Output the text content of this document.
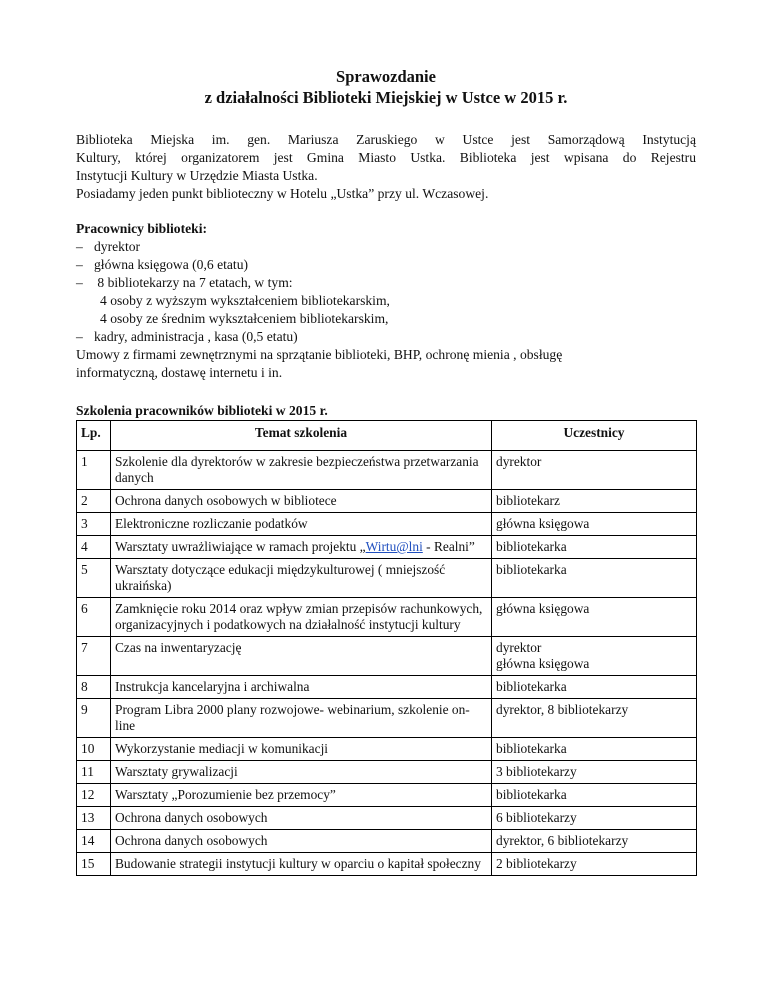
Sprawozdanie

z działalności Biblioteki Miejskiej w Ustce w 2015 r.

Biblioteka Miejska im. gen. Mariusza Zaruskiego w Ustce jest Samorządową Instytucją

Kultury, której organizatorem jest Gmina Miasto Ustka. Biblioteka jest wpisana do Rejestru

Instytucji Kultury w Urzędzie Miasta Ustka.

Posiadamy jeden punkt biblioteczny w Hotelu „Ustka” przy ul. Wczasowej.

Pracownicy biblioteki:

– dyrektor

– główna księgowa (0,6 etatu)

– 8 bibliotekarzy na 7 etatach, w tym:

4 osoby z wyższym wykształceniem bibliotekarskim,

4 osoby ze średnim wykształceniem bibliotekarskim,

– kadry, administracja , kasa (0,5 etatu)

Umowy z firmami zewnętrznymi na sprzątanie biblioteki, BHP, ochronę mienia , obsługę

informatyczną, dostawę internetu i in.

Szkolenia pracowników biblioteki w 2015 r.

Lp.	Temat szkolenia	Uczestnicy
1	Szkolenie dla dyrektorów w zakresie bezpieczeństwa przetwarzania danych	dyrektor
2	Ochrona danych osobowych w bibliotece	bibliotekarz
3	Elektroniczne rozliczanie podatków	główna księgowa
4	Warsztaty uwrażliwiające w ramach projektu „Wirtu@lni - Realni”	bibliotekarka
5	Warsztaty dotyczące edukacji międzykulturowej ( mniejszość ukraińska)	bibliotekarka
6	Zamknięcie roku 2014 oraz wpływ zmian przepisów rachunkowych, organizacyjnych i podatkowych na działalność instytucji kultury	główna księgowa
7	Czas na inwentaryzację	dyrektor
główna księgowa

8	Instrukcja kancelaryjna i archiwalna	bibliotekarka
9	Program Libra 2000 plany rozwojowe- webinarium, szkolenie on-line	dyrektor, 8 bibliotekarzy
10	Wykorzystanie mediacji w komunikacji	bibliotekarka
11	Warsztaty grywalizacji	3 bibliotekarzy
12	Warsztaty „Porozumienie bez przemocy”	bibliotekarka
13	Ochrona danych osobowych	6 bibliotekarzy
14	Ochrona danych osobowych	dyrektor, 6 bibliotekarzy
15	Budowanie strategii instytucji kultury w oparciu o kapitał społeczny	2 bibliotekarzy
